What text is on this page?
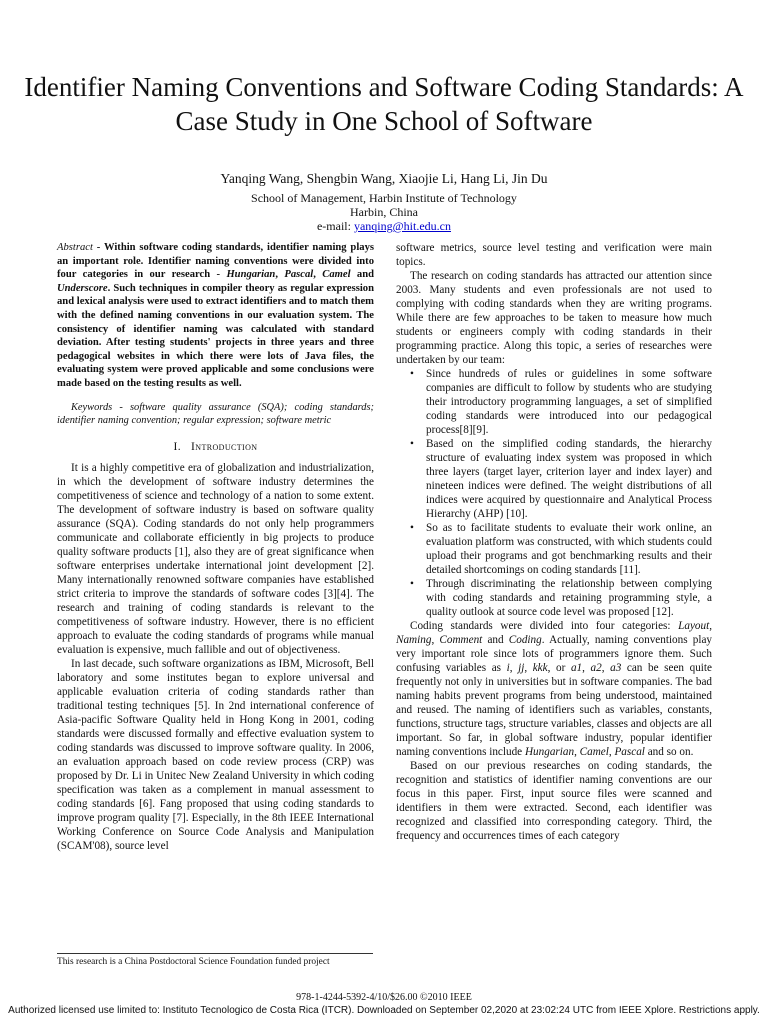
Identifier Naming Conventions and Software Coding Standards: A Case Study in One School of Software
Yanqing Wang, Shengbin Wang, Xiaojie Li, Hang Li, Jin Du
School of Management, Harbin Institute of Technology
Harbin, China
e-mail: yanqing@hit.edu.cn

Abstract - Within software coding standards, identifier naming plays an important role. Identifier naming conventions were divided into four categories in our research - Hungarian, Pascal, Camel and Underscore. Such techniques in compiler theory as regular expression and lexical analysis were used to extract identifiers and to match them with the defined naming conventions in our evaluation system. The consistency of identifier naming was calculated with standard deviation. After testing students' projects in three years and three pedagogical websites in which there were lots of Java files, the evaluating system were proved applicable and some conclusions were made based on the testing results as well.

Keywords - software quality assurance (SQA); coding standards; identifier naming convention; regular expression; software metric

I. Introduction

It is a highly competitive era of globalization and industrialization, in which the development of software industry determines the competitiveness of science and technology of a nation to some extent. The development of software industry is based on software quality assurance (SQA). Coding standards do not only help programmers communicate and collaborate efficiently in big projects to produce quality software products [1], also they are of great significance when software enterprises undertake international joint development [2]. Many internationally renowned software companies have established strict criteria to improve the standards of software codes [3][4]. The research and training of coding standards is relevant to the competitiveness of software industry. However, there is no efficient approach to evaluate the coding standards of programs while manual evaluation is expensive, much fallible and out of objectiveness.

In last decade, such software organizations as IBM, Microsoft, Bell laboratory and some institutes began to explore universal and applicable evaluation criteria of coding standards rather than traditional testing techniques [5]. In 2nd international conference of Asia-pacific Software Quality held in Hong Kong in 2001, coding standards were discussed formally and effective evaluation system to coding standards was discussed to improve software quality. In 2006, an evaluation approach based on code review process (CRP) was proposed by Dr. Li in Unitec New Zealand University in which coding specification was taken as a complement in manual assessment to coding standards [6]. Fang proposed that using coding standards to improve program quality [7]. Especially, in the 8th IEEE International Working Conference on Source Code Analysis and Manipulation (SCAM'08), source level

software metrics, source level testing and verification were main topics.

The research on coding standards has attracted our attention since 2003. Many students and even professionals are not used to complying with coding standards when they are writing programs. While there are few approaches to be taken to measure how much students or engineers comply with coding standards in their programming practice. Along this topic, a series of researches were undertaken by our team:

• Since hundreds of rules or guidelines in some software companies are difficult to follow by students who are studying their introductory programming languages, a set of simplified coding standards were introduced into our pedagogical process[8][9].
• Based on the simplified coding standards, the hierarchy structure of evaluating index system was proposed in which three layers (target layer, criterion layer and index layer) and nineteen indices were defined. The weight distributions of all indices were acquired by questionnaire and Analytical Process Hierarchy (AHP) [10].
• So as to facilitate students to evaluate their work online, an evaluation platform was constructed, with which students could upload their programs and got benchmarking results and their detailed shortcomings on coding standards [11].
• Through discriminating the relationship between complying with coding standards and retaining programming style, a quality outlook at source code level was proposed [12].

Coding standards were divided into four categories: Layout, Naming, Comment and Coding. Actually, naming conventions play very important role since lots of programmers ignore them. Such confusing variables as i, jj, kkk, or a1, a2, a3 can be seen quite frequently not only in universities but in software companies. The bad naming habits prevent programs from being understood, maintained and reused. The naming of identifiers such as variables, constants, functions, structure tags, structure variables, classes and objects are all important. So far, in global software industry, popular identifier naming conventions include Hungarian, Camel, Pascal and so on.

Based on our previous researches on coding standards, the recognition and statistics of identifier naming conventions are our focus in this paper. First, input source files were scanned and identifiers in them were extracted. Second, each identifier was recognized and classified into corresponding category. Third, the frequency and occurrences times of each category

This research is a China Postdoctoral Science Foundation funded project
978-1-4244-5392-4/10/$26.00 ©2010 IEEE
Authorized licensed use limited to: Instituto Tecnologico de Costa Rica (ITCR). Downloaded on September 02,2020 at 23:02:24 UTC from IEEE Xplore. Restrictions apply.
